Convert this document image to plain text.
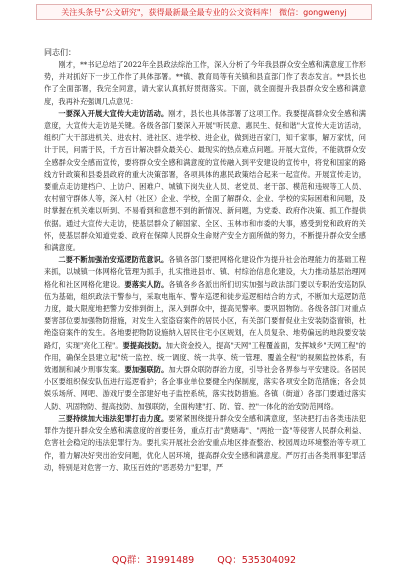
关注头条号"公文研究"，获得最新最全最专业的公文资料库！ 微信：gongwenyj
同志们：

刚才，**书记总结了2022年全县政法综治工作，深入分析了今年我县群众安全感和满意度工作形势，并对抓好下一步工作作了具体部署。**镇、教育局等有关镇和县直部门作了表态发言。**县长也作了全面部署，我完全同意，请大家认真抓好贯彻落实。下面，就全面提升我县群众安全感和满意度，我再补充强调几点意见：

一要深入开展大宣传大走访活动。刚才，县长也具体部署了这项工作。我要提高群众安全感和满意度，大宣传大走访是关键。各级各部门要深入开展"听民意、惠民生、促和谐"大宣传大走访活动，组织广大干部进机关、进农村、进社区、进学校、进企业，做到进百家门，知千家事，解万家忧，问计于民，问需于民，千方百计解决群众最关心、最现实的热点难点问题。开展大宣传，不能就群众安全感群众安全感而宣传，要将群众安全感和满意度的宣传融入到平安建设的宣传中，将党和国家的路线方针政策和县委县政府的重大决策部署，各项具体的惠民政策结合起来一起宣传。开展宣传走访，要重点走访建档户、上访户、困难户、城镇下岗失业人员、老党员、老干部、模范和违规等工人员、农村留守群体人等，深入村（社区）企业、学校，全面了解群众、企业、学校的实际困难和问题，及时掌握在机关难以听到、不易看到和意想不到的新情况、新问题，为党委、政府作决策、抓工作提供依据。通过大宣传大走访，使基层群众了解国家、全区、玉林市和市委的大事，感受到党和政府的关怀，使基层群众知道党委、政府在保障人民群众生命财产安全方面所做的努力，不断提升群众安全感和满意度。

二要不断加强治安巡逻防范意识。各镇各部门要把网格化建设作为提升社会治理能力的基础工程来抓，以城镇一体网格化管理为抓手，扎实推进县市、镇、村综治信息化建设，大力推动基层治理网格化和社区网格化建设。要落实人防。各镇各乡各派出所们切实加强与政法部门要以专职治安巡防队伍为基础，组织政法干警参与，采取电瓶车、警车巡逻和徒步巡逻相结合的方式，不断加大巡逻防范力度，最大限度地把警力安排到街上，深入到群众中，提高见警率。要巩固物防。各级各部门对重点要害部位要加强物防措施，对发生入室盗窃案件的居民小区，有关部门要督促业主安装防盗窗锁，杜绝盗窃案件的发生。各地要把物防设施纳入居民住宅小区规划，在人员复杂、地势偏远的地段要安装路灯，实现"亮化工程"。要提高技防。加大资金投入，提高"天网"工程覆盖面，发挥城乡"天网工程"的作用，确保全县建立起"统一监控、统一调度、统一共享、统一管理、覆盖全程"的视频监控体系，有效遏制和减少刑事发案。要加强联防。加大群众联防群治力度，引导社会各界参与平安建设。各居民小区要组织保安队伍进行巡逻看护；各企事业单位要健全内保制度，落实各项安全防范措施；各会员娱乐场所、网吧、游戏厅要全部建好电子监控系统，落实技防措施。各镇（街道）各部门要通过落实人防、巩固物防、提高技防、加强联防，全面构建"打、防、管、控"一体化的治安防范网络。

三要持续加大违法犯罪打击力度。要紧紧围绕提升群众安全感和满意度，坚决把打击各类违法犯罪作为提升群众安全感和满意度的首要任务，重点打击"黄赌毒"、"两抢一盗"等侵害人民群众利益、危害社会稳定的违法犯罪行为。要扎实开展社会治安重点地区排查整治、校园周边环境整治等专项工作，着力解决好突出治安问题，优化人居环境，提高群众安全感和满意度。严厉打击各类刑事犯罪活动，特别是对危害一方、欺压百姓的"恶恶势力"犯罪，严

QQ群：31991489 QQ：535304092
